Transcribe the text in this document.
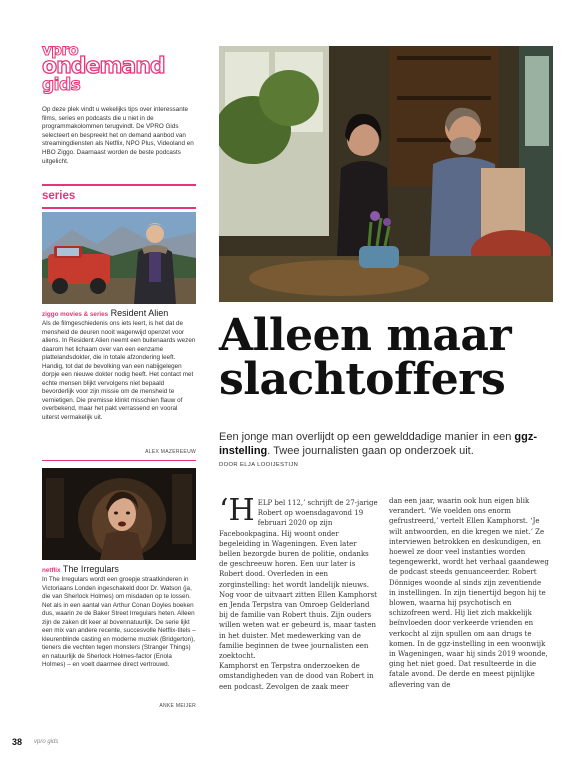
vpro
ondemand
gids
Op deze plek vindt u wekelijks tips over interessante films, series en podcasts die u niet in de programmakolommen terugvindt. De VPRO Gids selecteert en bespreekt het on demand aanbod van streamingdiensten als Netflix, NPO Plus, Videoland en HBO Ziggo. Daarnaast worden de beste podcasts uitgelicht.
series
ziggo movies & series Resident Alien
Als de filmgeschiedenis ons iets leert, is het dat de mensheid de deuren nooit wagenwijd openzet voor aliens. In Resident Alien neemt een buitenaards wezen daarom het lichaam over van een eenzame plattelandsdokter, die in totale afzondering leeft. Handig, tot dat de bevolking van een nabijgelegen dorpje een nieuwe dokter nodig heeft. Het contact met echte mensen blijkt vervolgens niet bepaald bevorderlijk voor zijn missie om de mensheid te vernietigen. Die premisse klinkt misschien flauw of overbekend, maar het pakt verrassend en vooral uiterst vermakelijk uit.
ALEX MAZEREEUW
netflix The Irregulars
In The Irregulars wordt een groepje straatkinderen in Victoriaans Londen ingeschakeld door Dr. Watson (ja, die van Sherlock Holmes) om misdaden op te lossen. Net als in een aantal van Arthur Conan Doyles boeken dus, waarin ze de Baker Street Irregulars heten. Alleen zijn de zaken dit keer al bovennatuurlijk. De serie lijkt een mix van andere recente, succesvolle Netflix-titels – kleurenblinde casting en moderne muziek (Bridgerton), tieners die vechten tegen monsters (Stranger Things) en natuurlijk de Sherlock Holmes-factor (Enola Holmes) – en voelt daarmee direct vertrouwd.
ANKE MEIJER
Alleen maar
slachtoffers
Een jonge man overlijdt op een gewelddadige manier in een ggz-instelling. Twee journalisten gaan op onderzoek uit.
DOOR ELJA LOOIJESTIJN
‘H ELP bel 112,’ schrijft de 27-jarige Robert op woensdagavond 19 februari 2020 op zijn Facebookpagina. Hij woont onder begeleiding in Wageningen. Even later bellen bezorgde buren de politie, ondanks de geschreeuw horen. Een uur later is Robert dood. Overleden in een zorginstelling: het wordt landelijk nieuws. Nog voor de uitvaart zitten Ellen Kamphorst en Jenda Terpstra van Omroep Gelderland bij de familie van Robert thuis. Zijn ouders willen weten wat er gebeurd is, maar tasten in het duister. Met medewerking van de familie beginnen de twee journalisten een zoektocht.
Kamphorst en Terpstra onderzoeken de omstandigheden van de dood van Robert in een podcast. Zevolgen de zaak meer
dan een jaar, waarin ook hun eigen blik verandert. ‘We voelden ons enorm gefrustreerd,’ vertelt Ellen Kamphorst. ‘Je wilt antwoorden, en die kregen we niet.’ Ze interviewen betrokken en deskundigen, en hoewel ze door veel instanties worden tegengewerkt, wordt het verhaal gaandeweg de podcast steeds genuanceerder. Robert Dönniges woonde al sinds zijn zeventiende in instellingen. In zijn tienertijd begon hij te blowen, waarna hij psychotisch en schizofreen werd. Hij liet zich makkelijk beïnvloeden door verkeerde vrienden en verkocht al zijn spullen om aan drugs te komen. In de ggz-instelling in een woonwijk in Wageningen, waar hij sinds 2019 woonde, ging het niet goed. Dat resulteerde in die fatale avond. De derde en meest pijnlijke aflevering van de
38 vpro gids
